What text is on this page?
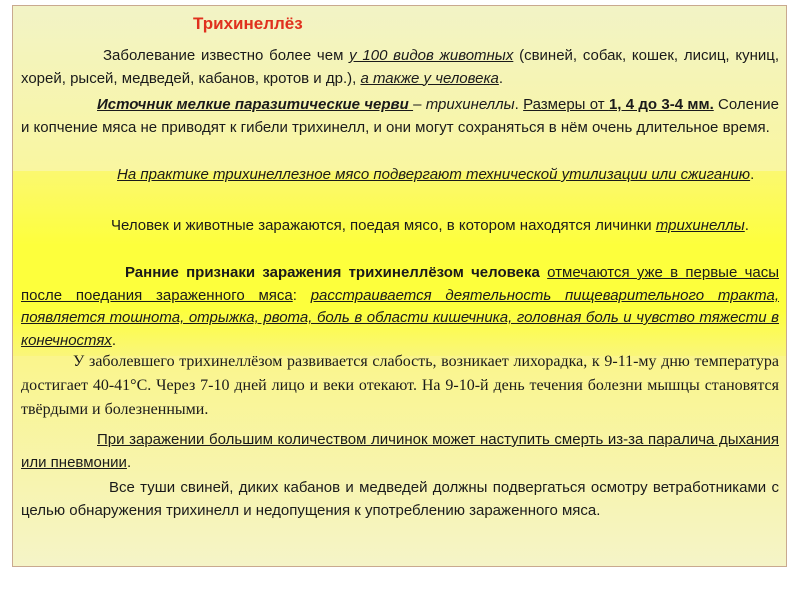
Трихинеллёз
Заболевание известно более чем у 100 видов животных (свиней, собак, кошек, лисиц, куниц, хорей, рысей, медведей, кабанов, кротов и др.), а также у человека.
Источник мелкие паразитические черви – трихинеллы. Размеры от 1, 4 до 3-4 мм. Соление и копчение мяса не приводят к гибели трихинелл, и они могут сохраняться в нём очень длительное время.
На практике трихинеллезное мясо подвергают технической утилизации или сжиганию.
Человек и животные заражаются, поедая мясо, в котором находятся личинки трихинеллы.
Ранние признаки заражения трихинеллёзом человека отмечаются уже в первые часы после поедания зараженного мяса: расстраивается деятельность пищеварительного тракта, появляется тошнота, отрыжка, рвота, боль в области кишечника, головная боль и чувство тяжести в конечностях.
У заболевшего трихинеллёзом развивается слабость, возникает лихорадка, к 9-11-му дню температура достигает 40-41°С. Через 7-10 дней лицо и веки отекают. На 9-10-й день течения болезни мышцы становятся твёрдыми и болезненными.
При заражении большим количеством личинок может наступить смерть из-за паралича дыхания или пневмонии.
Все туши свиней, диких кабанов и медведей должны подвергаться осмотру ветработниками с целью обнаружения трихинелл и недопущения к употреблению зараженного мяса.
